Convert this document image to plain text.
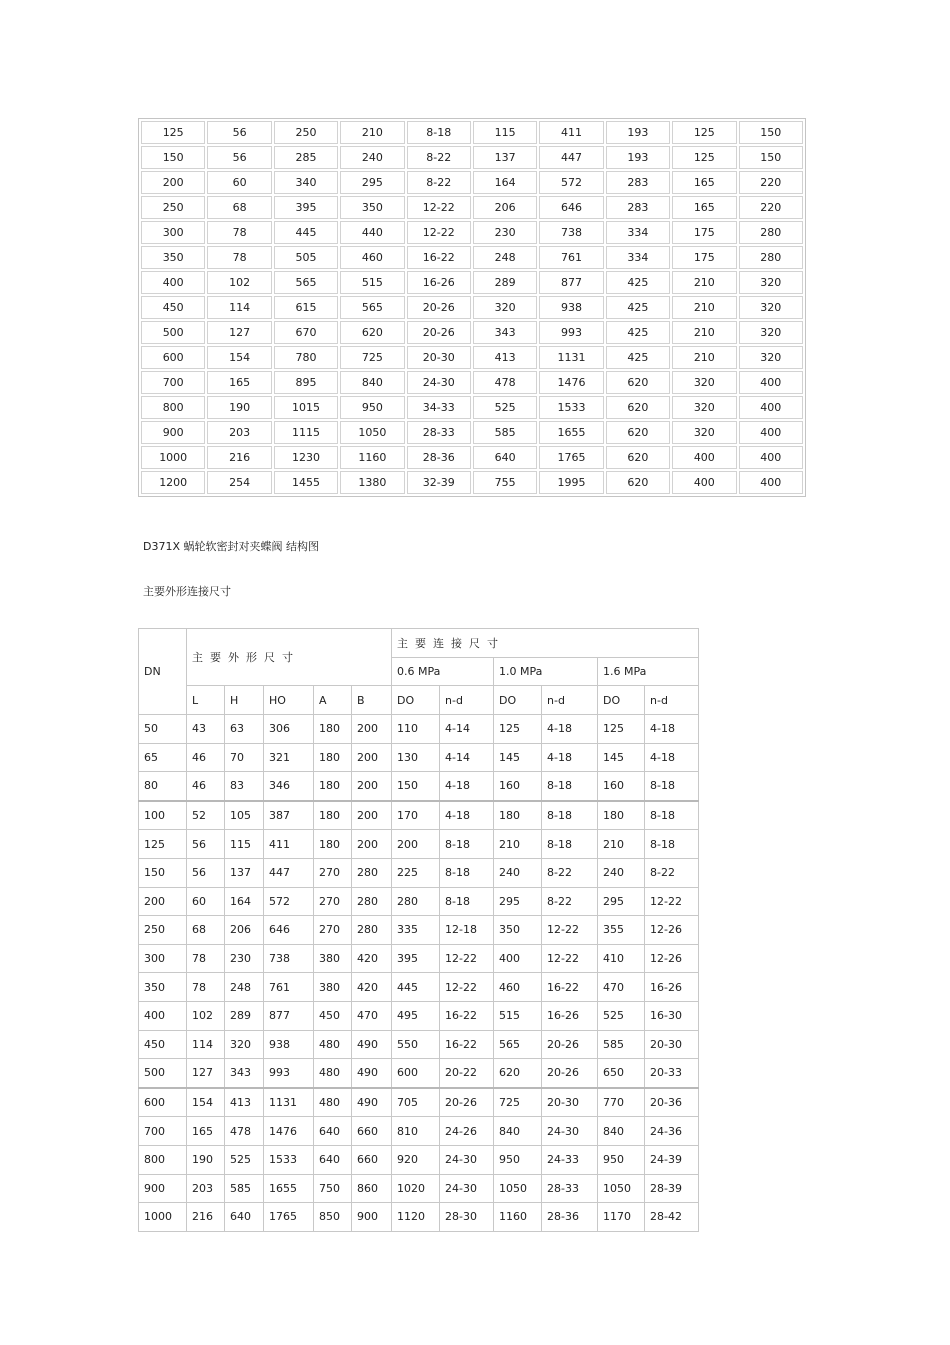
125	56	250	210	8-18	115	411	193	125	150
150	56	285	240	8-22	137	447	193	125	150
200	60	340	295	8-22	164	572	283	165	220
250	68	395	350	12-22	206	646	283	165	220
300	78	445	440	12-22	230	738	334	175	280
350	78	505	460	16-22	248	761	334	175	280
400	102	565	515	16-26	289	877	425	210	320
450	114	615	565	20-26	320	938	425	210	320
500	127	670	620	20-26	343	993	425	210	320
600	154	780	725	20-30	413	1131	425	210	320
700	165	895	840	24-30	478	1476	620	320	400
800	190	1015	950	34-33	525	1533	620	320	400
900	203	1115	1050	28-33	585	1655	620	320	400
1000	216	1230	1160	28-36	640	1765	620	400	400
1200	254	1455	1380	32-39	755	1995	620	400	400
D371X 蜗轮软密封对夹蝶阀 结构图
主要外形连接尺寸
DN	主要外形尺寸					主要连接尺寸					
						0.6 MPa		1.0 MPa		1.6 MPa	
	L	H	HO	A	B	DO	n-d	DO	n-d	DO	n-d
50	43	63	306	180	200	110	4-14	125	4-18	125	4-18
65	46	70	321	180	200	130	4-14	145	4-18	145	4-18
80	46	83	346	180	200	150	4-18	160	8-18	160	8-18
100	52	105	387	180	200	170	4-18	180	8-18	180	8-18
125	56	115	411	180	200	200	8-18	210	8-18	210	8-18
150	56	137	447	270	280	225	8-18	240	8-22	240	8-22
200	60	164	572	270	280	280	8-18	295	8-22	295	12-22
250	68	206	646	270	280	335	12-18	350	12-22	355	12-26
300	78	230	738	380	420	395	12-22	400	12-22	410	12-26
350	78	248	761	380	420	445	12-22	460	16-22	470	16-26
400	102	289	877	450	470	495	16-22	515	16-26	525	16-30
450	114	320	938	480	490	550	16-22	565	20-26	585	20-30
500	127	343	993	480	490	600	20-22	620	20-26	650	20-33
600	154	413	1131	480	490	705	20-26	725	20-30	770	20-36
700	165	478	1476	640	660	810	24-26	840	24-30	840	24-36
800	190	525	1533	640	660	920	24-30	950	24-33	950	24-39
900	203	585	1655	750	860	1020	24-30	1050	28-33	1050	28-39
1000	216	640	1765	850	900	1120	28-30	1160	28-36	1170	28-42
